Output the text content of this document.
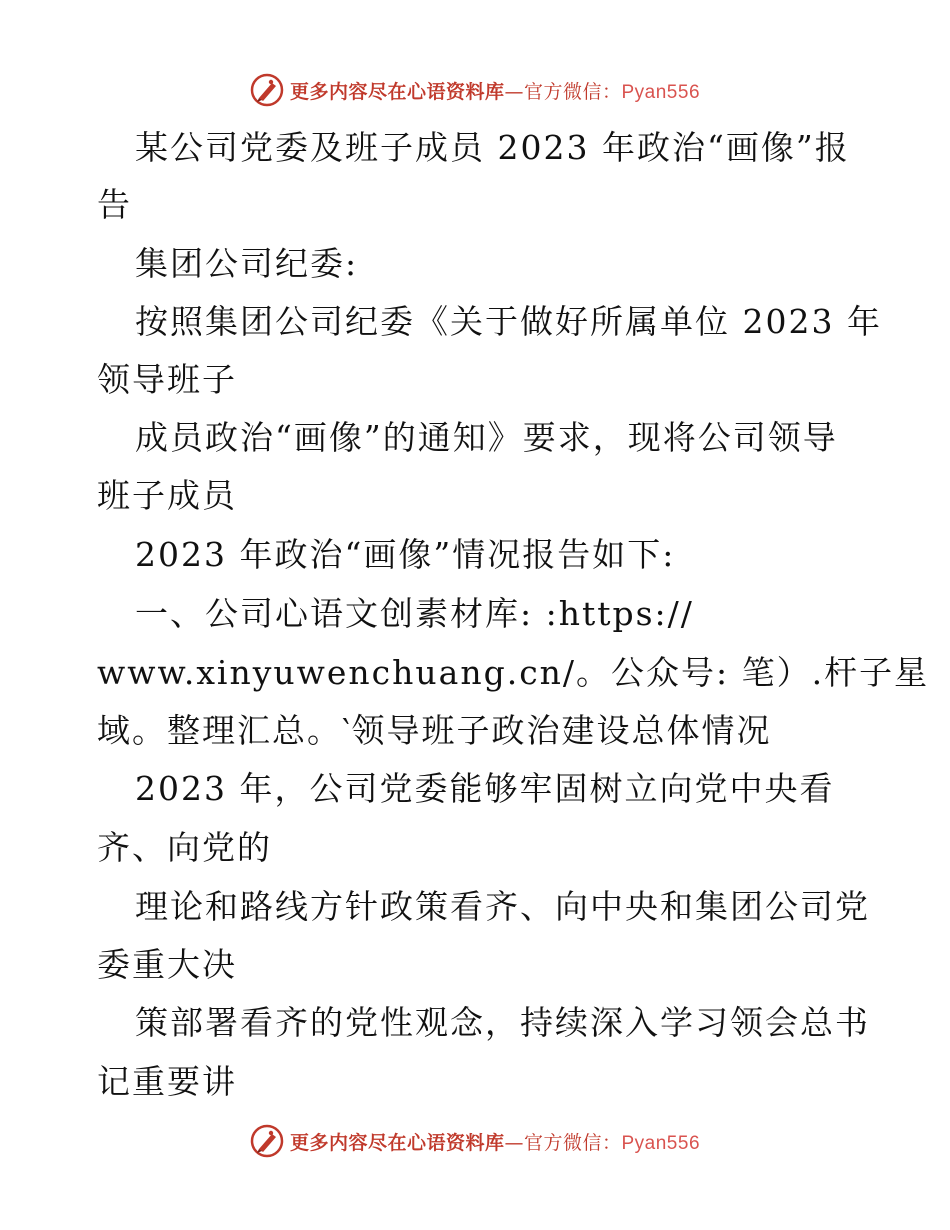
更多内容尽在心语资料库—官方微信：Pyan556
某公司党委及班子成员 2023 年政治“画像”报
告
集团公司纪委:
按照集团公司纪委《关于做好所属单位 2023 年
领导班子
成员政治“画像”的通知》要求，现将公司领导
班子成员
2023 年政治“画像”情况报告如下:
一、公司心语文创素材库: :https://
www.xinyuwenchuang.cn/。公众号: 笔）.杆子星
域。整理汇总。‵领导班子政治建设总体情况
2023 年，公司党委能够牢固树立向党中央看
齐、向党的
理论和路线方针政策看齐、向中央和集团公司党
委重大决
策部署看齐的党性观念，持续深入学习领会总书
记重要讲
更多内容尽在心语资料库—官方微信：Pyan556
